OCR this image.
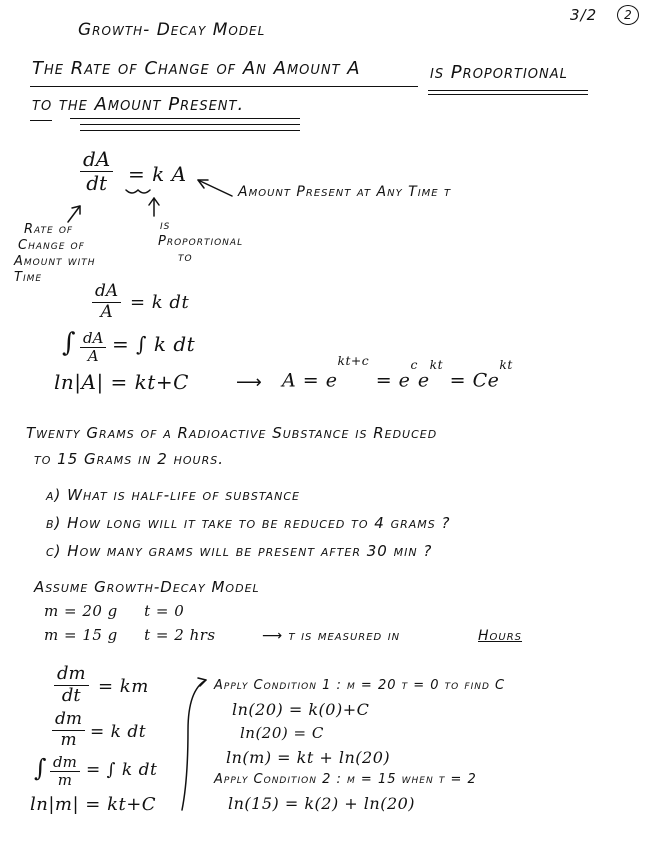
3/2	2
Growth- Decay Model
The Rate of Change of An Amount A	is Proportional
to the Amount Present.
$\frac{dA}{dt} = k$ A
Amount Present at Any Time t
Rate of
Change of
Amount with
Time
is
Proportional
to
$\frac{dA}{A} = k$ dt
∫ $\frac{dA}{A}$ = ∫ k dt
ln|A| = kt+C	⟶ $A = e^{kt+c} = e^ce^{kt} = Ce^{kt}$
Twenty Grams of a Radioactive Substance is Reduced
to 15 Grams in 2 hours.
a) What is half-life of substance
b) How long will it take to be reduced to 4 grams ?
c) How many grams will be present after 30 min ?
Assume Growth-Decay Model
m = 20 g     t = 0
m = 15 g     t = 2 hrs	⟶ t is measured in	Hours
$\frac{dm}{dt}$ = km
$\frac{dm}{m} = k$ dt
∫ $\frac{dm}{m}$ = ∫ k dt
ln|m| = kt+C
Apply Condition 1 : m = 20 t = 0 to find C
ln(20) = k(0)+C
ln(20) = C
ln(m) = kt + ln(20)
Apply Condition 2 : m = 15 when t = 2
ln(15) = k(2) + ln(20)
